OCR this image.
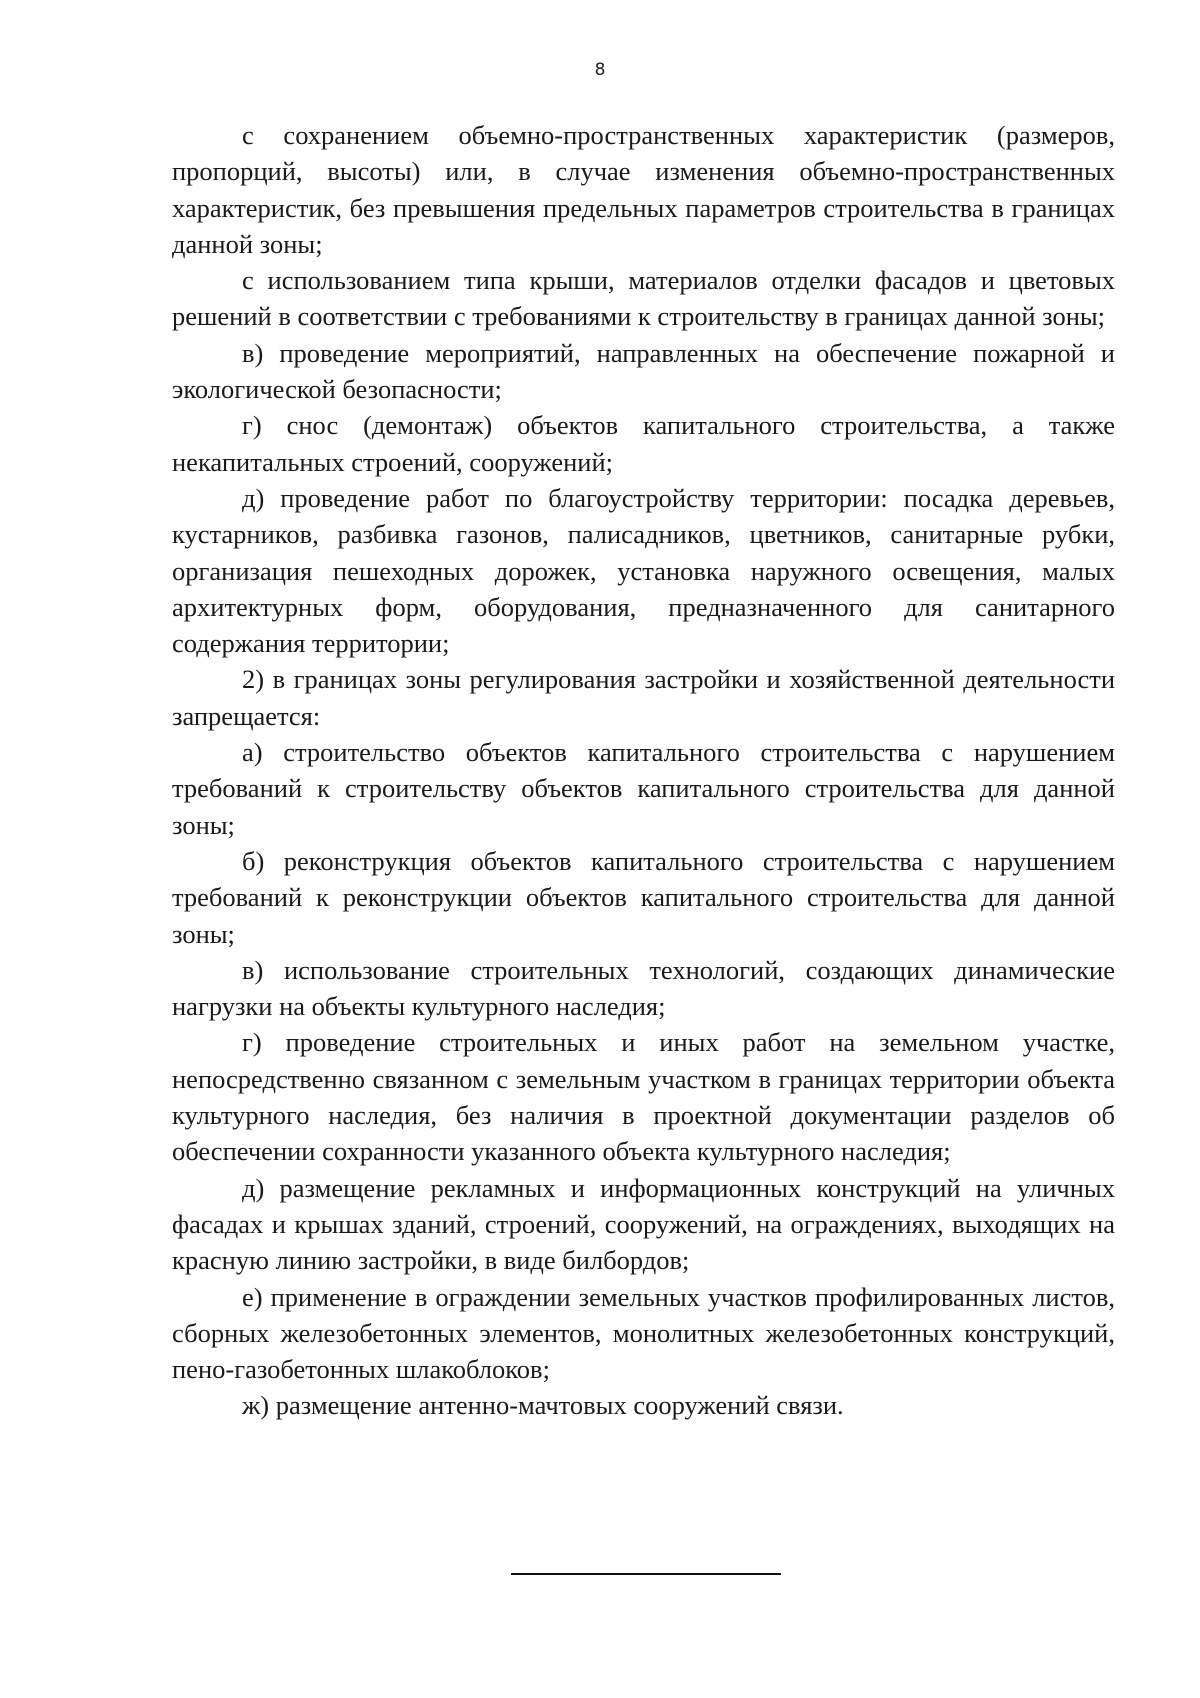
8

с сохранением объемно-пространственных характеристик (размеров, пропорций, высоты) или, в случае изменения объемно-пространственных характеристик, без превышения предельных параметров строительства в границах данной зоны;

с использованием типа крыши, материалов отделки фасадов и цветовых решений в соответствии с требованиями к строительству в границах данной зоны;

в) проведение мероприятий, направленных на обеспечение пожарной и экологической безопасности;

г) снос (демонтаж) объектов капитального строительства, а также некапитальных строений, сооружений;

д) проведение работ по благоустройству территории: посадка деревьев, кустарников, разбивка газонов, палисадников, цветников, санитарные рубки, организация пешеходных дорожек, установка наружного освещения, малых архитектурных форм, оборудования, предназначенного для санитарного содержания территории;

2) в границах зоны регулирования застройки и хозяйственной деятельности запрещается:

а) строительство объектов капитального строительства с нарушением требований к строительству объектов капитального строительства для данной зоны;

б) реконструкция объектов капитального строительства с нарушением требований к реконструкции объектов капитального строительства для данной зоны;

в) использование строительных технологий, создающих динамические нагрузки на объекты культурного наследия;

г) проведение строительных и иных работ на земельном участке, непосредственно связанном с земельным участком в границах территории объекта культурного наследия, без наличия в проектной документации разделов об обеспечении сохранности указанного объекта культурного наследия;

д) размещение рекламных и информационных конструкций на уличных фасадах и крышах зданий, строений, сооружений, на ограждениях, выходящих на красную линию застройки, в виде билбордов;

е) применение в ограждении земельных участков профилированных листов, сборных железобетонных элементов, монолитных железобетонных конструкций, пено-газобетонных шлакоблоков;

ж) размещение антенно-мачтовых сооружений связи.
